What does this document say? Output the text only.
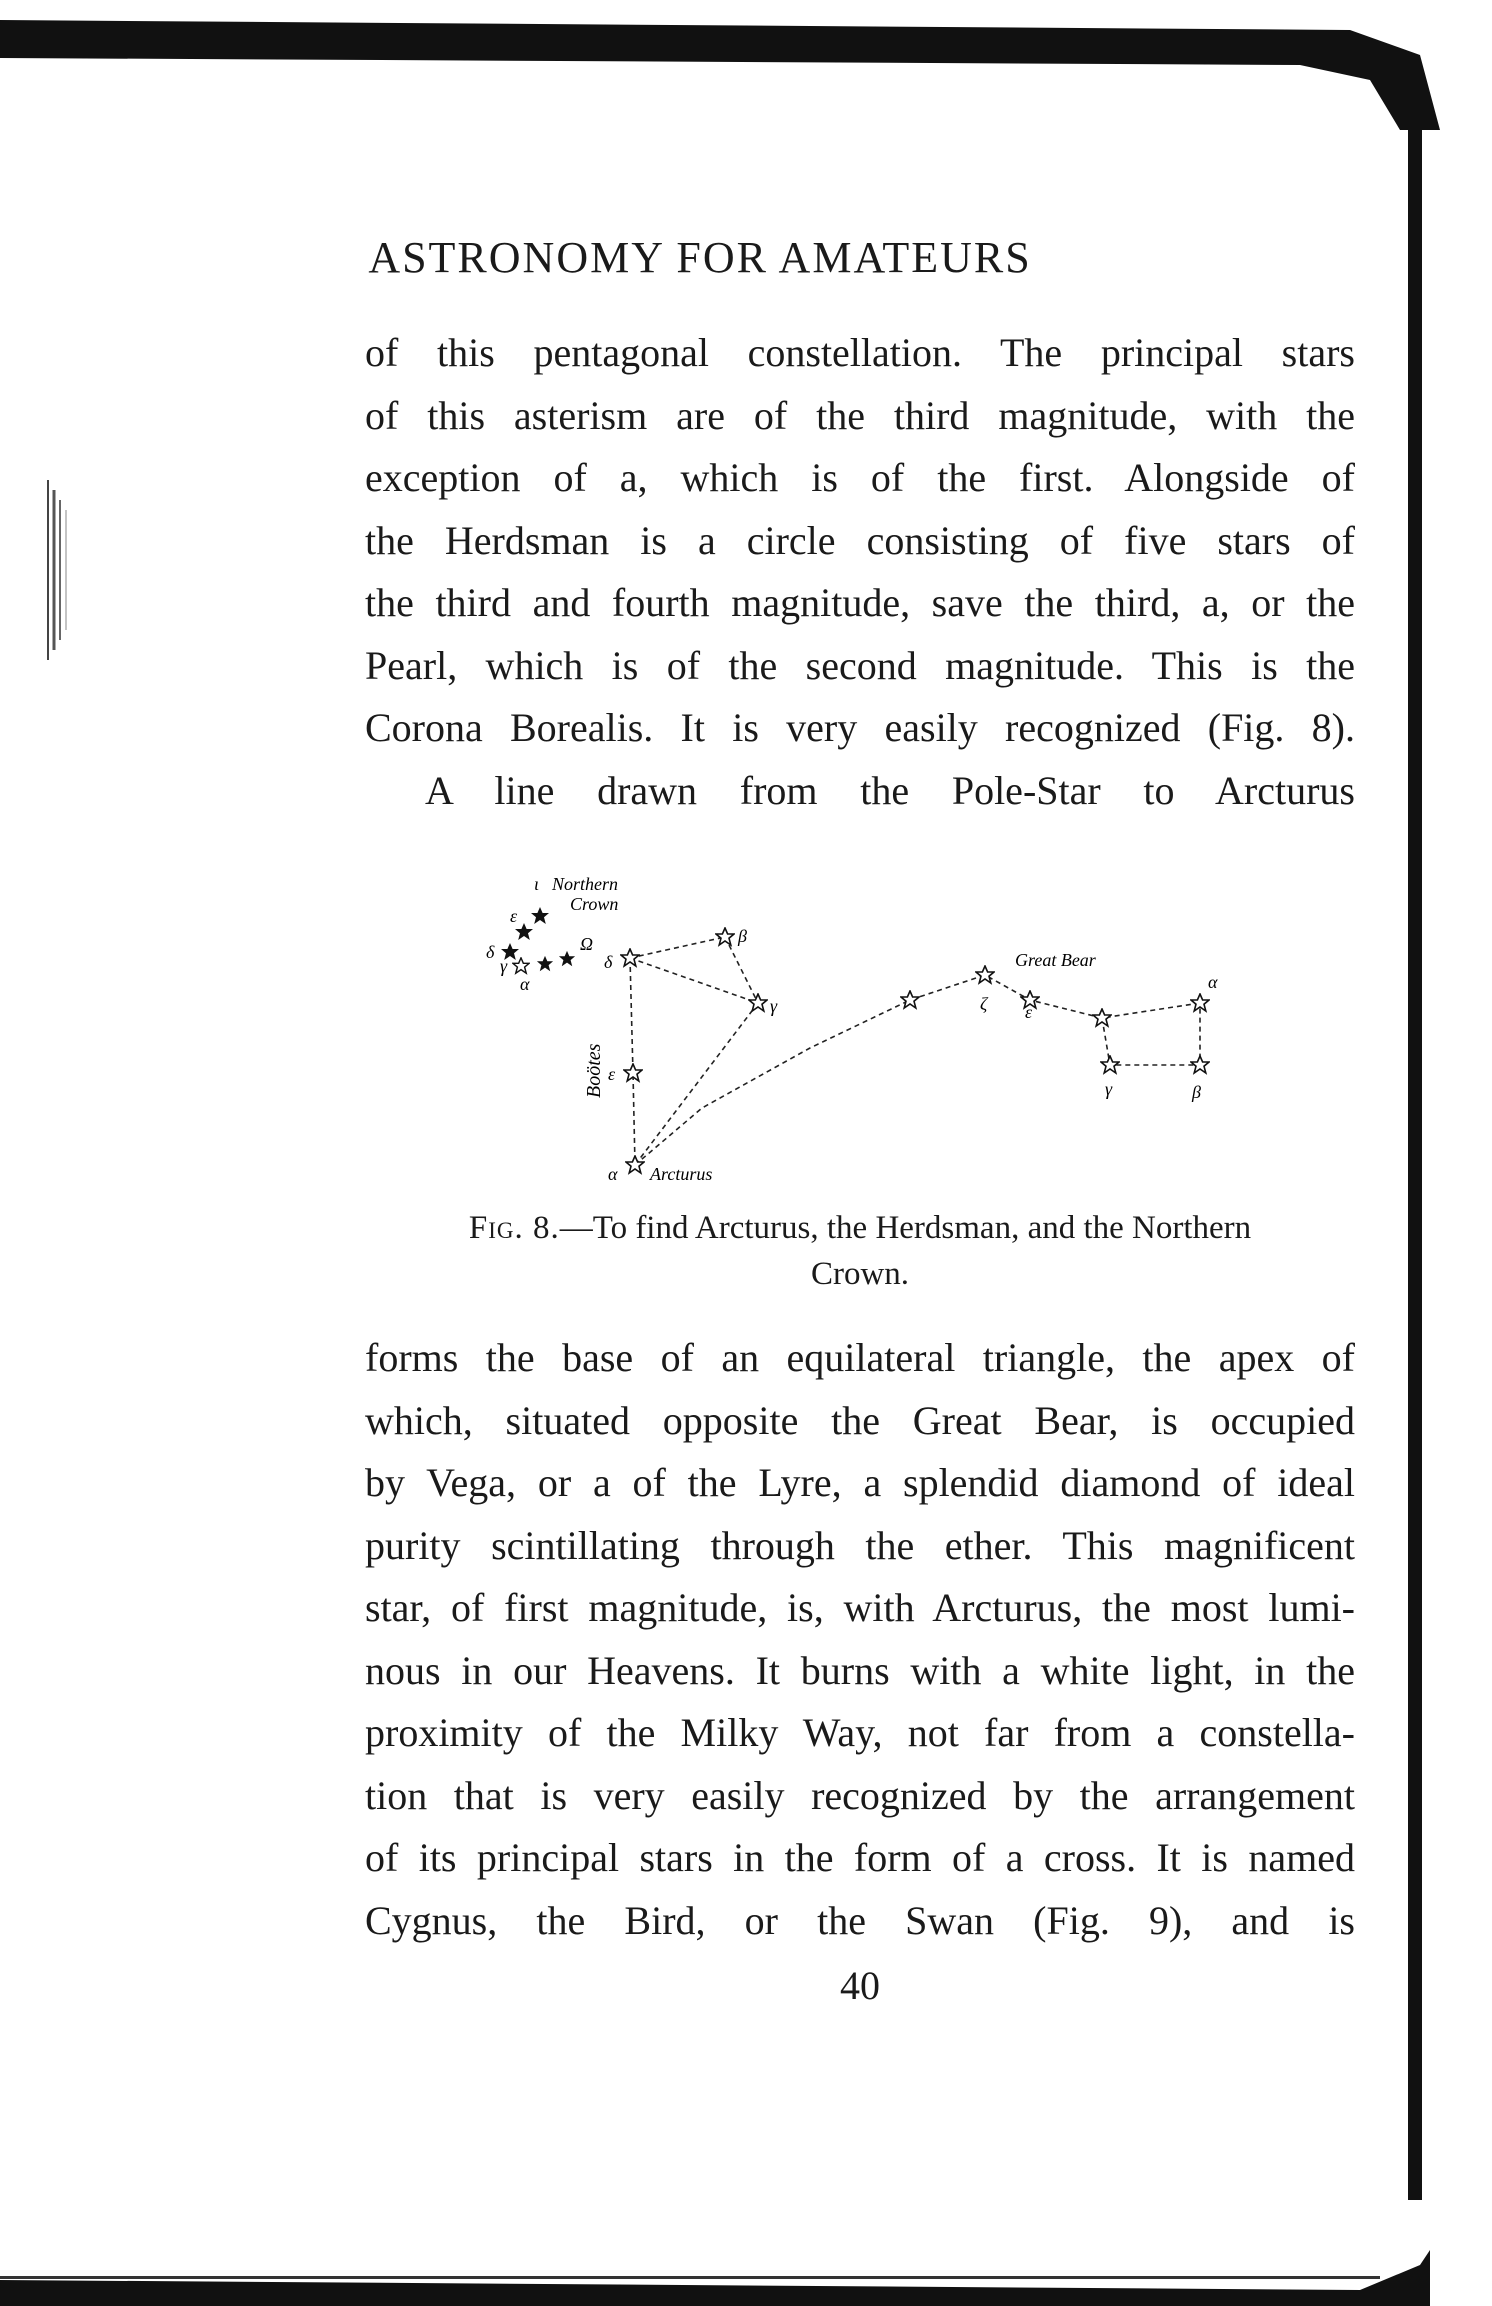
ASTRONOMY FOR AMATEURS
of this pentagonal constellation. The principal stars
of this asterism are of the third magnitude, with the
exception of a, which is of the first. Alongside of
the Herdsman is a circle consisting of five stars of
the third and fourth magnitude, save the third, a, or the
Pearl, which is of the second magnitude. This is the
Corona Borealis. It is very easily recognized (Fig. 8).
A line drawn from the Pole-Star to Arcturus
ι Northern
Crown
ε
δ
γ
α
Ω
δ
β
γ
ε
Boötes
α Arcturus
Great Bear
ζ ε
α
γ	β
Fig. 8.—To find Arcturus, the Herdsman, and the Northern
Crown.
forms the base of an equilateral triangle, the apex of
which, situated opposite the Great Bear, is occupied
by Vega, or a of the Lyre, a splendid diamond of ideal
purity scintillating through the ether. This magnificent
star, of first magnitude, is, with Arcturus, the most lumi-
nous in our Heavens. It burns with a white light, in the
proximity of the Milky Way, not far from a constella-
tion that is very easily recognized by the arrangement
of its principal stars in the form of a cross. It is named
Cygnus, the Bird, or the Swan (Fig. 9), and is
40
